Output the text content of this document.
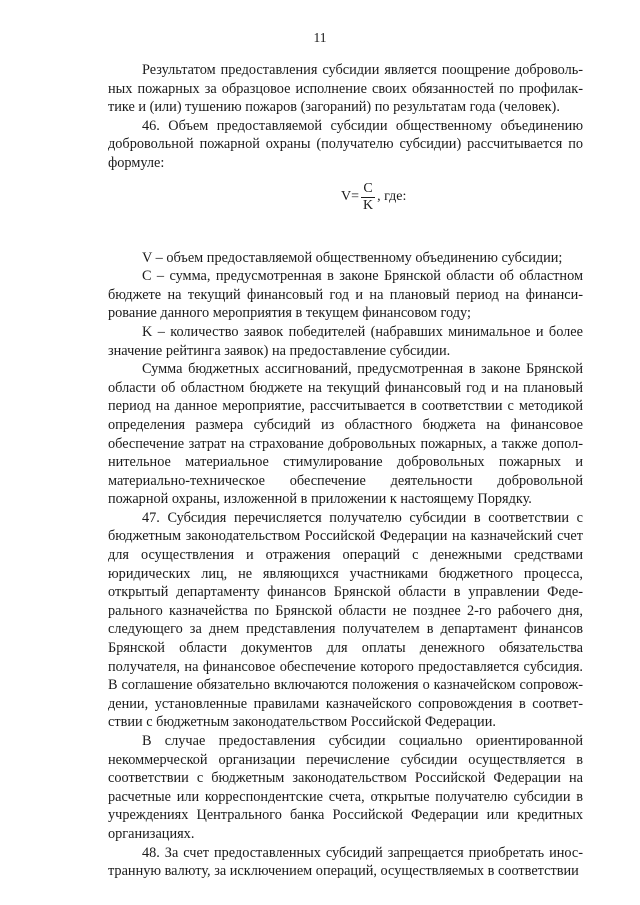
11

Результатом предоставления субсидии является поощрение добровольных пожарных за образцовое исполнение своих обязанностей по профилактике и (или) тушению пожаров (загораний) по результатам года (человек).

46. Объем предоставляемой субсидии общественному объединению добровольной пожарной охраны (получателю субсидии) рассчитывается по формуле:

$V= \frac{C}{K}$ , где:

V – объем предоставляемой общественному объединению субсидии;

C – сумма, предусмотренная в законе Брянской области об областном бюджете на текущий финансовый год и на плановый период на финансирование данного мероприятия в текущем финансовом году;

K – количество заявок победителей (набравших минимальное и более значение рейтинга заявок) на предоставление субсидии.

Сумма бюджетных ассигнований, предусмотренная в законе Брянской области об областном бюджете на текущий финансовый год и на плановый период на данное мероприятие, рассчитывается в соответствии с методикой определения размера субсидий из областного бюджета на финансовое обеспечение затрат на страхование добровольных пожарных, а также дополнительное материальное стимулирование добровольных пожарных и материально-техническое обеспечение деятельности добровольной пожарной охраны, изложенной в приложении к настоящему Порядку.

47. Субсидия перечисляется получателю субсидии в соответствии с бюджетным законодательством Российской Федерации на казначейский счет для осуществления и отражения операций с денежными средствами юридических лиц, не являющихся участниками бюджетного процесса, открытый департаменту финансов Брянской области в управлении Федерального казначейства по Брянской области не позднее 2-го рабочего дня, следующего за днем представления получателем в департамент финансов Брянской области документов для оплаты денежного обязательства получателя, на финансовое обеспечение которого предоставляется субсидия. В соглашение обязательно включаются положения о казначейском сопровождении, установленные правилами казначейского сопровождения в соответствии с бюджетным законодательством Российской Федерации.

В случае предоставления субсидии социально ориентированной некоммерческой организации перечисление субсидии осуществляется в соответствии с бюджетным законодательством Российской Федерации на расчетные или корреспондентские счета, открытые получателю субсидии в учреждениях Центрального банка Российской Федерации или кредитных организациях.

48. За счет предоставленных субсидий запрещается приобретать иностранную валюту, за исключением операций, осуществляемых в соответствии
